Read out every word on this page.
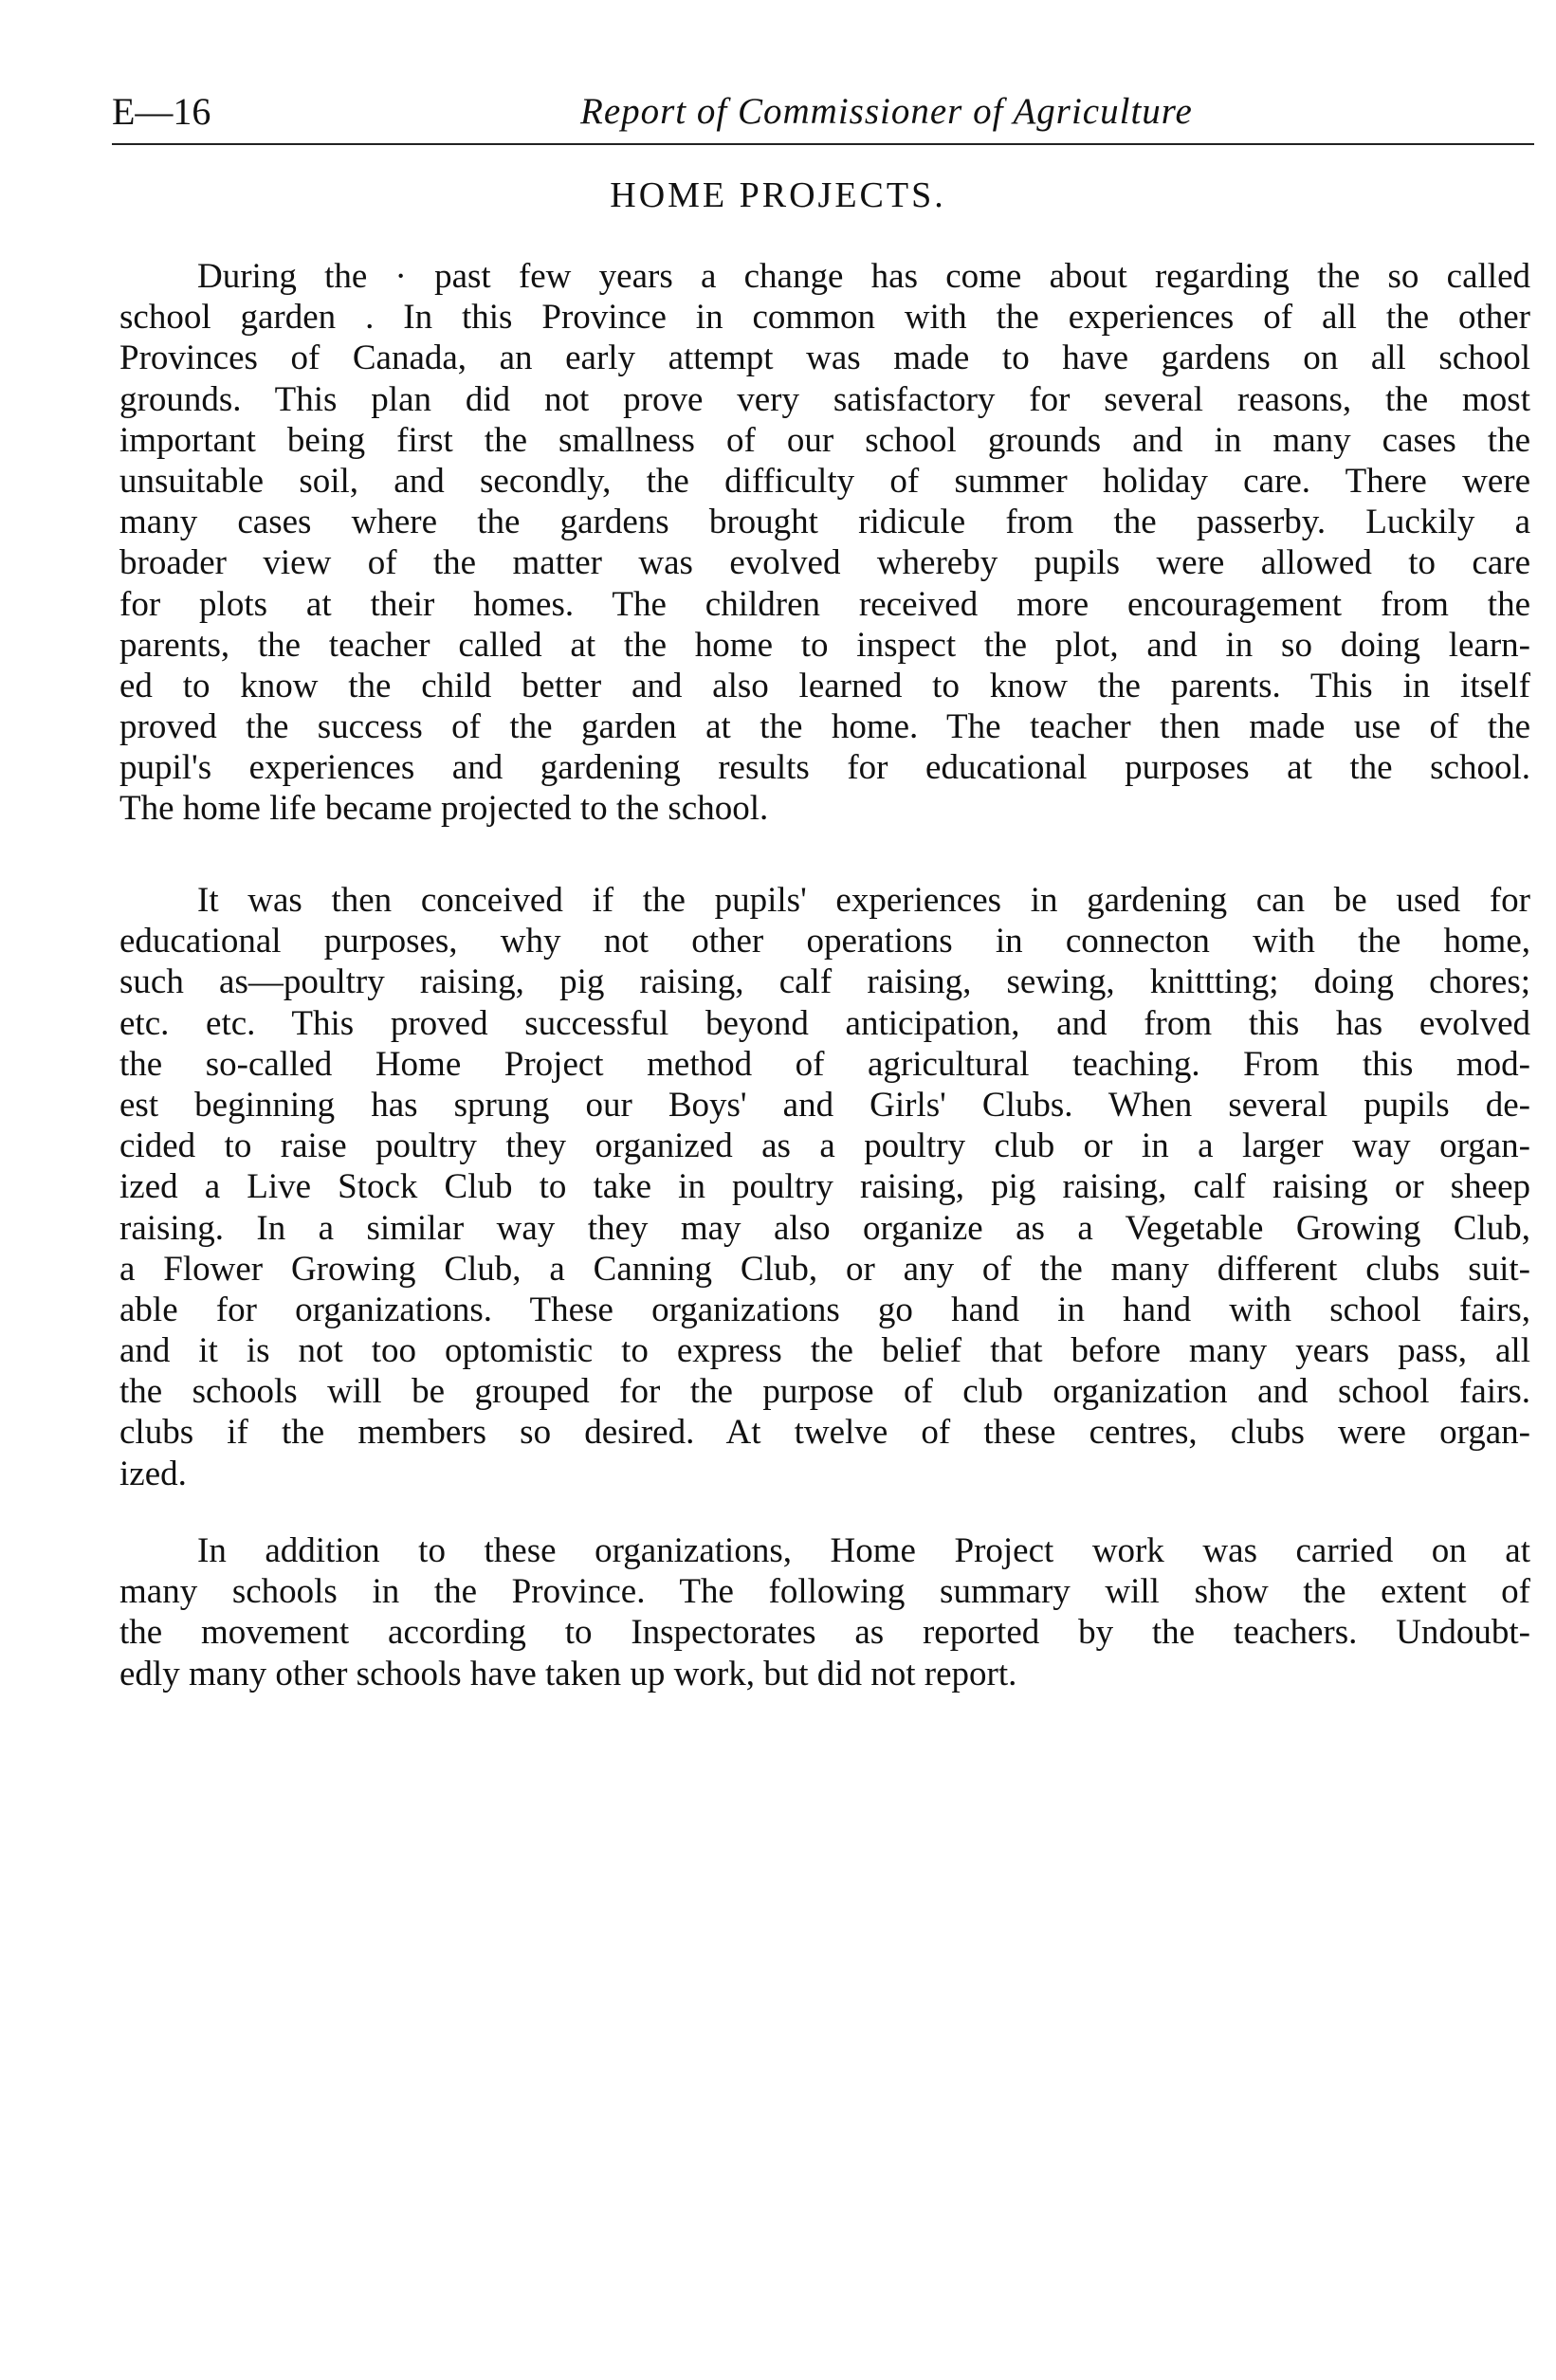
E—16	Report of Commissioner of Agriculture
HOME PROJECTS.

During the · past few years a change has come about regarding the so called
school garden . In this Province in common with the experiences of all the other
Provinces of Canada, an early attempt was made to have gardens on all school
grounds. This plan did not prove very satisfactory for several reasons, the most
important being first the smallness of our school grounds and in many cases the
unsuitable soil, and secondly, the difficulty of summer holiday care. There were
many cases where the gardens brought ridicule from the passerby. Luckily a
broader view of the matter was evolved whereby pupils were allowed to care
for plots at their homes. The children received more encouragement from the
parents, the teacher called at the home to inspect the plot, and in so doing learn-
ed to know the child better and also learned to know the parents. This in itself
proved the success of the garden at the home. The teacher then made use of the
pupil's experiences and gardening results for educational purposes at the school.
The home life became projected to the school.

It was then conceived if the pupils' experiences in gardening can be used for
educational purposes, why not other operations in connecton with the home,
such as—poultry raising, pig raising, calf raising, sewing, knittting; doing chores;
etc. etc. This proved successful beyond anticipation, and from this has evolved
the so-called Home Project method of agricultural teaching. From this mod-
est beginning has sprung our Boys' and Girls' Clubs. When several pupils de-
cided to raise poultry they organized as a poultry club or in a larger way organ-
ized a Live Stock Club to take in poultry raising, pig raising, calf raising or sheep
raising. In a similar way they may also organize as a Vegetable Growing Club,
a Flower Growing Club, a Canning Club, or any of the many different clubs suit-
able for organizations. These organizations go hand in hand with school fairs,
and it is not too optomistic to express the belief that before many years pass, all
the schools will be grouped for the purpose of club organization and school fairs.
clubs if the members so desired. At twelve of these centres, clubs were organ-
ized.

In addition to these organizations, Home Project work was carried on at
many schools in the Province. The following summary will show the extent of
the movement according to Inspectorates as reported by the teachers. Undoubt-
edly many other schools have taken up work, but did not report.
